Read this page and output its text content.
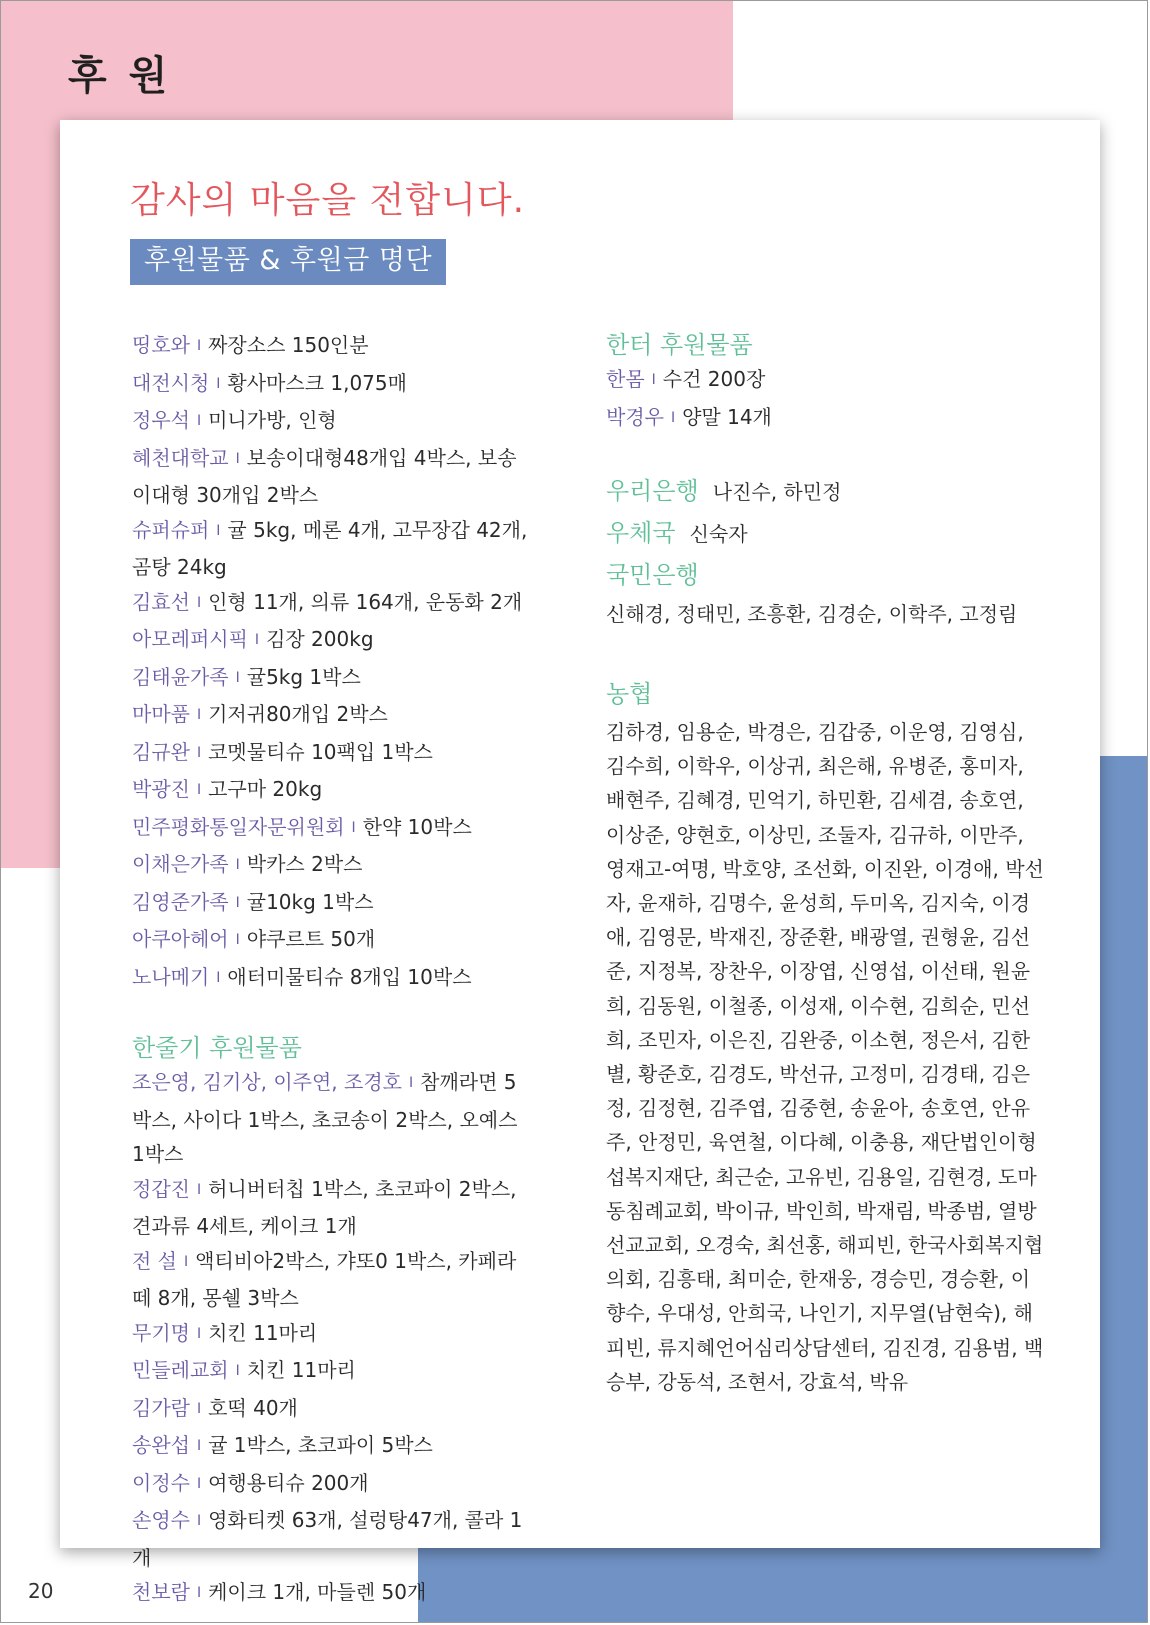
후 원
감사의 마음을 전합니다.
후원물품 & 후원금 명단

띵호와 I 짜장소스 150인분

대전시청 I 황사마스크 1,075매

정우석 I 미니가방, 인형

혜천대학교 I 보송이대형48개입 4박스, 보송이대형 30개입 2박스

슈퍼슈퍼 I 귤 5kg, 메론 4개, 고무장갑 42개, 곰탕 24kg

김효선 I 인형 11개, 의류 164개, 운동화 2개

아모레퍼시픽 I 김장 200kg

김태윤가족 I 귤5kg 1박스

마마품 I 기저귀80개입 2박스

김규완 I 코멧물티슈 10팩입 1박스

박광진 I 고구마 20kg

민주평화통일자문위원회 I 한약 10박스

이채은가족 I 박카스 2박스

김영준가족 I 귤10kg 1박스

아쿠아헤어 I 야쿠르트 50개

노나메기 I 애터미물티슈 8개입 10박스

한줄기 후원물품

조은영, 김기상, 이주연, 조경호 I 참깨라면 5박스, 사이다 1박스, 초코송이 2박스, 오예스 1박스

정갑진 I 허니버터칩 1박스, 초코파이 2박스, 견과류 4세트, 케이크 1개

전 설 I 액티비아2박스, 갸또0 1박스, 카페라떼 8개, 몽쉘 3박스

무기명 I 치킨 11마리

민들레교회 I 치킨 11마리

김가람 I 호떡 40개

송완섭 I 귤 1박스, 초코파이 5박스

이정수 I 여행용티슈 200개

손영수 I 영화티켓 63개, 설렁탕47개, 콜라 1개

천보람 I 케이크 1개, 마들렌 50개

한터 후원물품

한몸 I 수건 200장

박경우 I 양말 14개

우리은행 나진수, 하민정

우체국 신숙자

국민은행

신해경, 정태민, 조흥환, 김경순, 이학주, 고정림

농협

김하경, 임용순, 박경은, 김갑중, 이운영, 김영심, 김수희, 이학우, 이상귀, 최은해, 유병준, 홍미자, 배현주, 김혜경, 민억기, 하민환, 김세겸, 송호연, 이상준, 양현호, 이상민, 조둘자, 김규하, 이만주, 영재고-여명, 박호양, 조선화, 이진완, 이경애, 박선자, 윤재하, 김명수, 윤성희, 두미옥, 김지숙, 이경애, 김영문, 박재진, 장준환, 배광열, 권형윤, 김선준, 지정복, 장찬우, 이장엽, 신영섭, 이선태, 원윤희, 김동원, 이철종, 이성재, 이수현, 김희순, 민선희, 조민자, 이은진, 김완중, 이소현, 정은서, 김한별, 황준호, 김경도, 박선규, 고정미, 김경태, 김은정, 김정현, 김주엽, 김중현, 송윤아, 송호연, 안유주, 안정민, 육연철, 이다혜, 이충용, 재단법인이형섭복지재단, 최근순, 고유빈, 김용일, 김현경, 도마동침례교회, 박이규, 박인희, 박재림, 박종범, 열방선교교회, 오경숙, 최선홍, 해피빈, 한국사회복지협의회, 김흥태, 최미순, 한재웅, 경승민, 경승환, 이향수, 우대성, 안희국, 나인기, 지무열(남현숙), 해피빈, 류지혜언어심리상담센터, 김진경, 김용범, 백승부, 강동석, 조현서, 강효석, 박유

20
